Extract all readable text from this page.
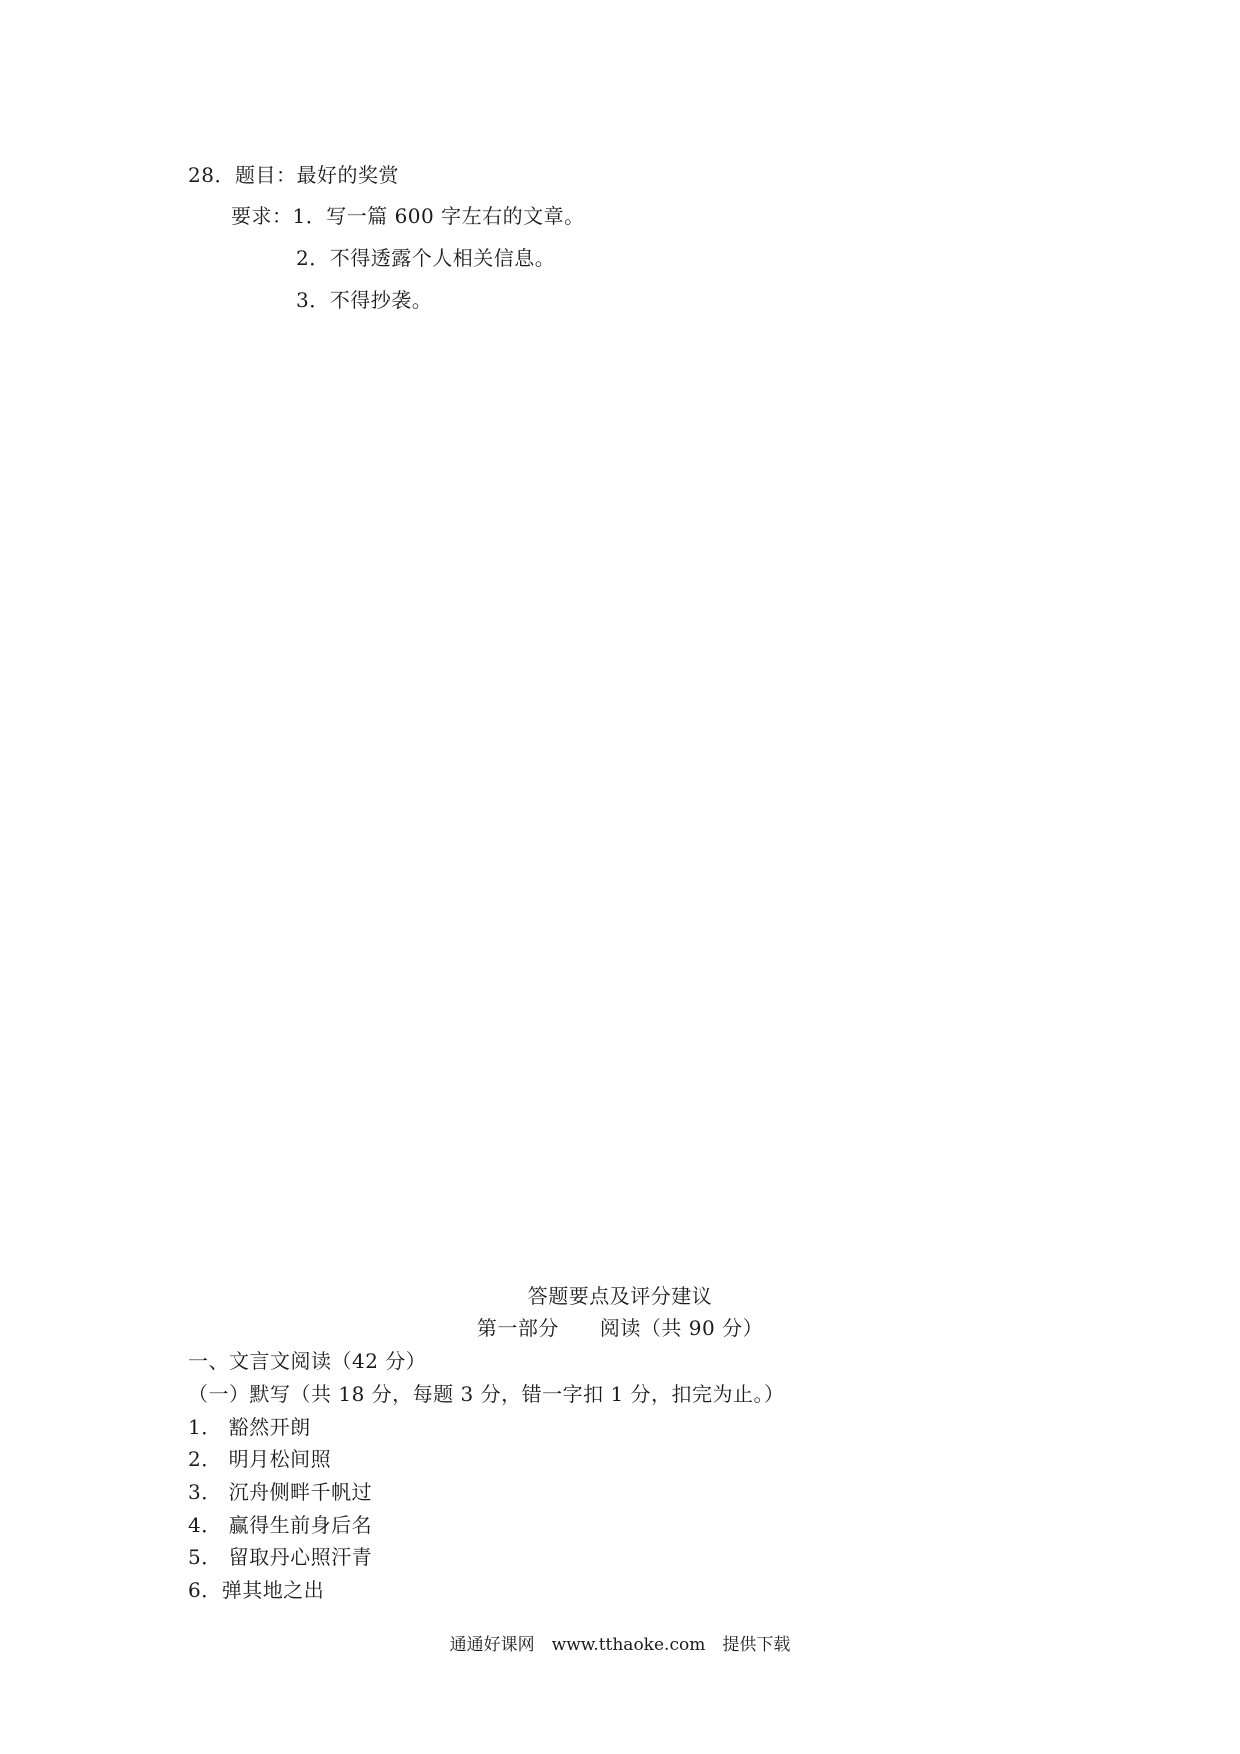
28．题目：最好的奖赏
要求：1．写一篇 600 字左右的文章。
2．不得透露个人相关信息。
3．不得抄袭。
答题要点及评分建议
第一部分　　阅读（共 90 分）
一、文言文阅读（42 分）
（一）默写（共 18 分，每题 3 分，错一字扣 1 分，扣完为止。）
1． 豁然开朗
2． 明月松间照
3． 沉舟侧畔千帆过
4． 赢得生前身后名
5． 留取丹心照汗青
6．弹其地之出
通通好课网　www.tthaoke.com　提供下载
